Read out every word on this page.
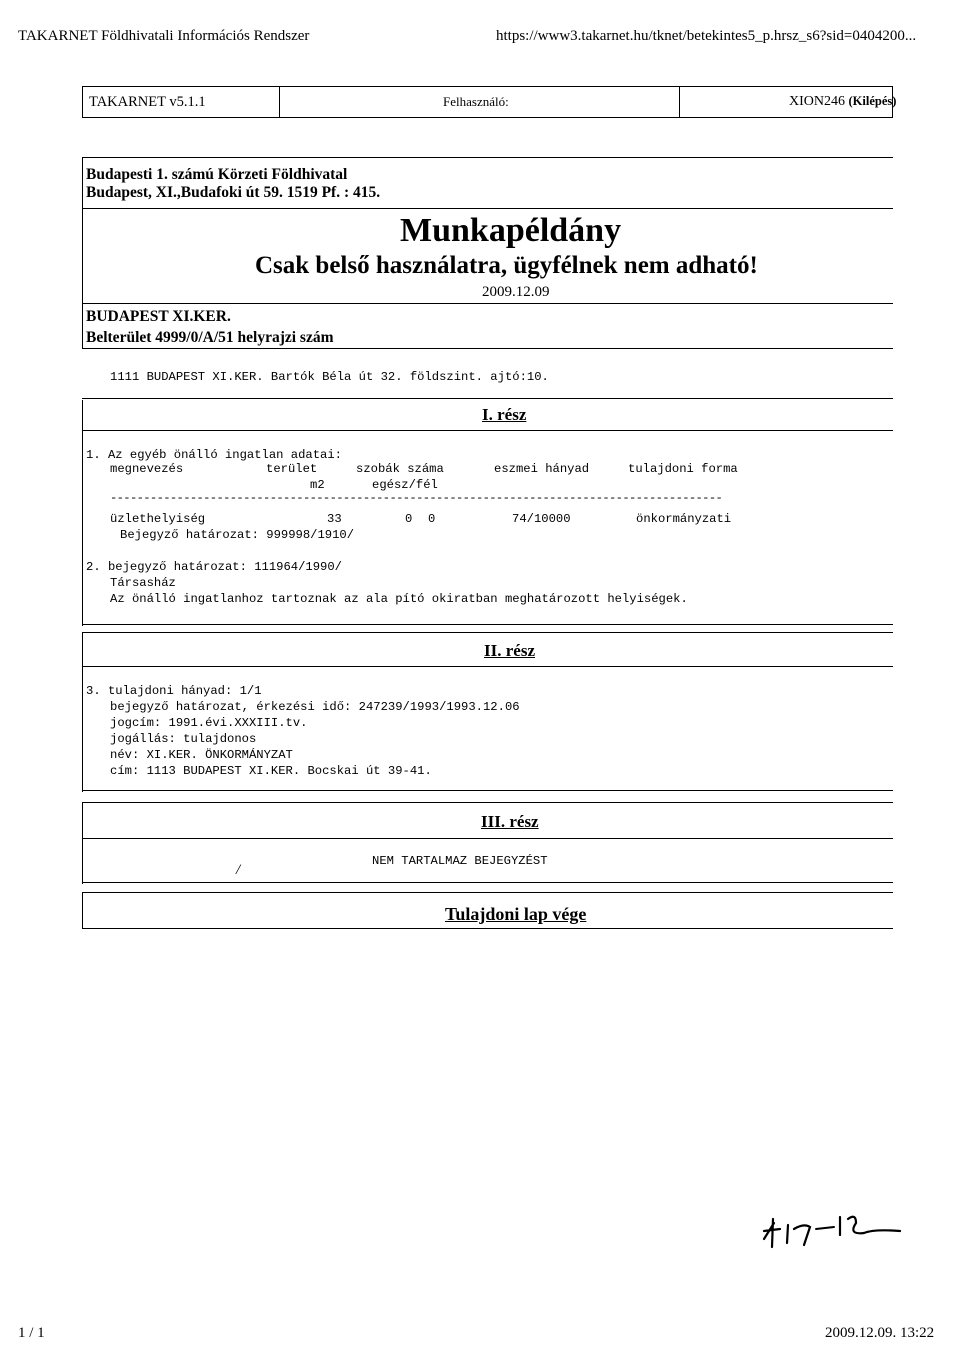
TAKARNET Földhivatali Információs Rendszer	https://www3.takarnet.hu/tknet/betekintes5_p.hrsz_s6?sid=0404200...
TAKARNET v5.1.1	Felhasználó:	XION246 (Kilépés)
Budapesti 1. számú Körzeti Földhivatal
Budapest, XI.,Budafoki út 59. 1519 Pf. : 415.
Munkapéldány
Csak belső használatra, ügyfélnek nem adható!
2009.12.09
BUDAPEST XI.KER.
Belterület 4999/0/A/51 helyrajzi szám
1111 BUDAPEST XI.KER. Bartók Béla út 32. földszint. ajtó:10.
I. rész
1. Az egyéb önálló ingatlan adatai:
megnevezés	terület	szobák száma	eszmei hányad	tulajdoni forma
m2	egész/fél
--------------------------------------------------------------------------------------------
üzlethelyiség	33	0 0	74/10000	önkormányzati
Bejegyző határozat: 999998/1910/
2. bejegyző határozat: 111964/1990/
Társasház
Az önálló ingatlanhoz tartoznak az ala pító okiratban meghatározott helyiségek.
II. rész
3. tulajdoni hányad: 1/1
bejegyző határozat, érkezési idő: 247239/1993/1993.12.06
jogcím: 1991.évi.XXXIII.tv.
jogállás: tulajdonos
név: XI.KER. ÖNKORMÁNYZAT
cím: 1113 BUDAPEST XI.KER. Bocskai út 39-41.
III. rész
NEM TARTALMAZ BEJEGYZÉST
/
Tulajdoni lap vége
1 / 1	2009.12.09. 13:22
